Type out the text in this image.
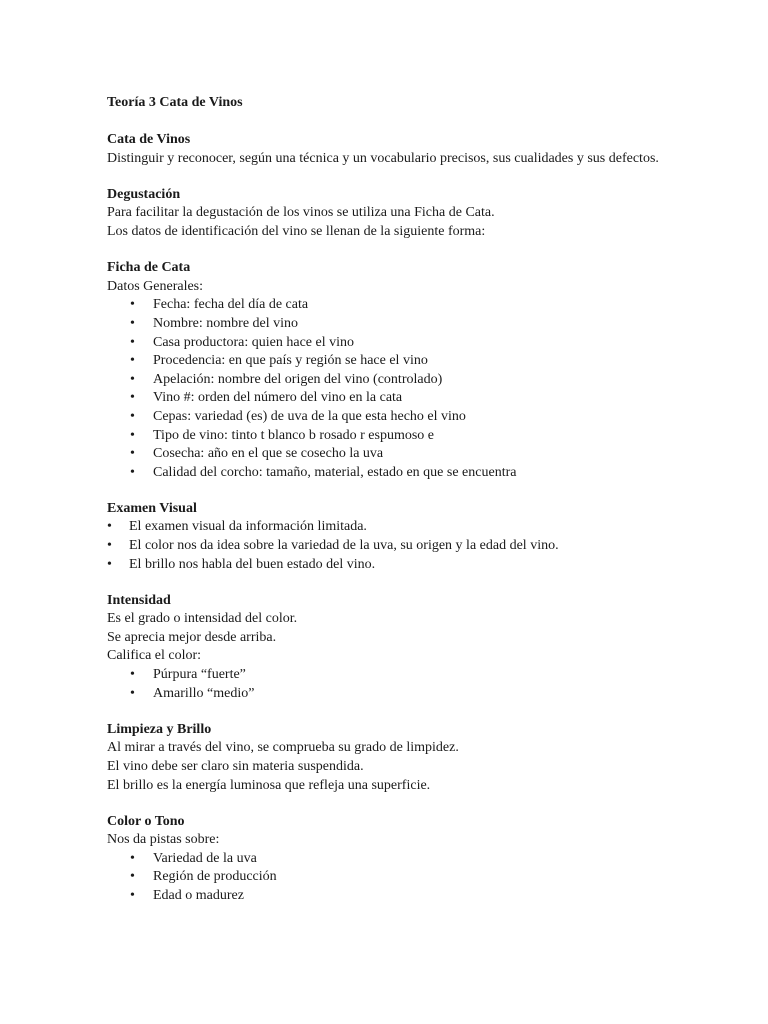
Teoría 3 Cata de Vinos
Cata de Vinos
Distinguir y reconocer, según una técnica y un vocabulario precisos, sus cualidades y sus defectos.
Degustación
Para facilitar la degustación de los vinos se utiliza una Ficha de Cata.
Los datos de identificación del vino se llenan de la siguiente forma:
Ficha de Cata
Datos Generales:
• Fecha: fecha del día de cata
• Nombre: nombre del vino
• Casa productora: quien hace el vino
• Procedencia: en que país y región se hace el vino
• Apelación: nombre del origen del vino (controlado)
• Vino #: orden del número del vino en la cata
• Cepas: variedad (es) de uva de la que esta hecho el vino
• Tipo de vino: tinto t blanco b rosado r espumoso e
• Cosecha: año en el que se cosecho la uva
• Calidad del corcho: tamaño, material, estado en que se encuentra
Examen Visual
• El examen visual da información limitada.
• El color nos da idea sobre la variedad de la uva, su origen y la edad del vino.
• El brillo nos habla del buen estado del vino.
Intensidad
Es el grado o intensidad del color.
Se aprecia mejor desde arriba.
Califica el color:
• Púrpura “fuerte”
• Amarillo “medio”
Limpieza y Brillo
Al mirar a través del vino, se comprueba su grado de limpidez.
El vino debe ser claro sin materia suspendida.
El brillo es la energía luminosa que refleja una superficie.
Color o Tono
Nos da pistas sobre:
• Variedad de la uva
• Región de producción
• Edad o madurez
